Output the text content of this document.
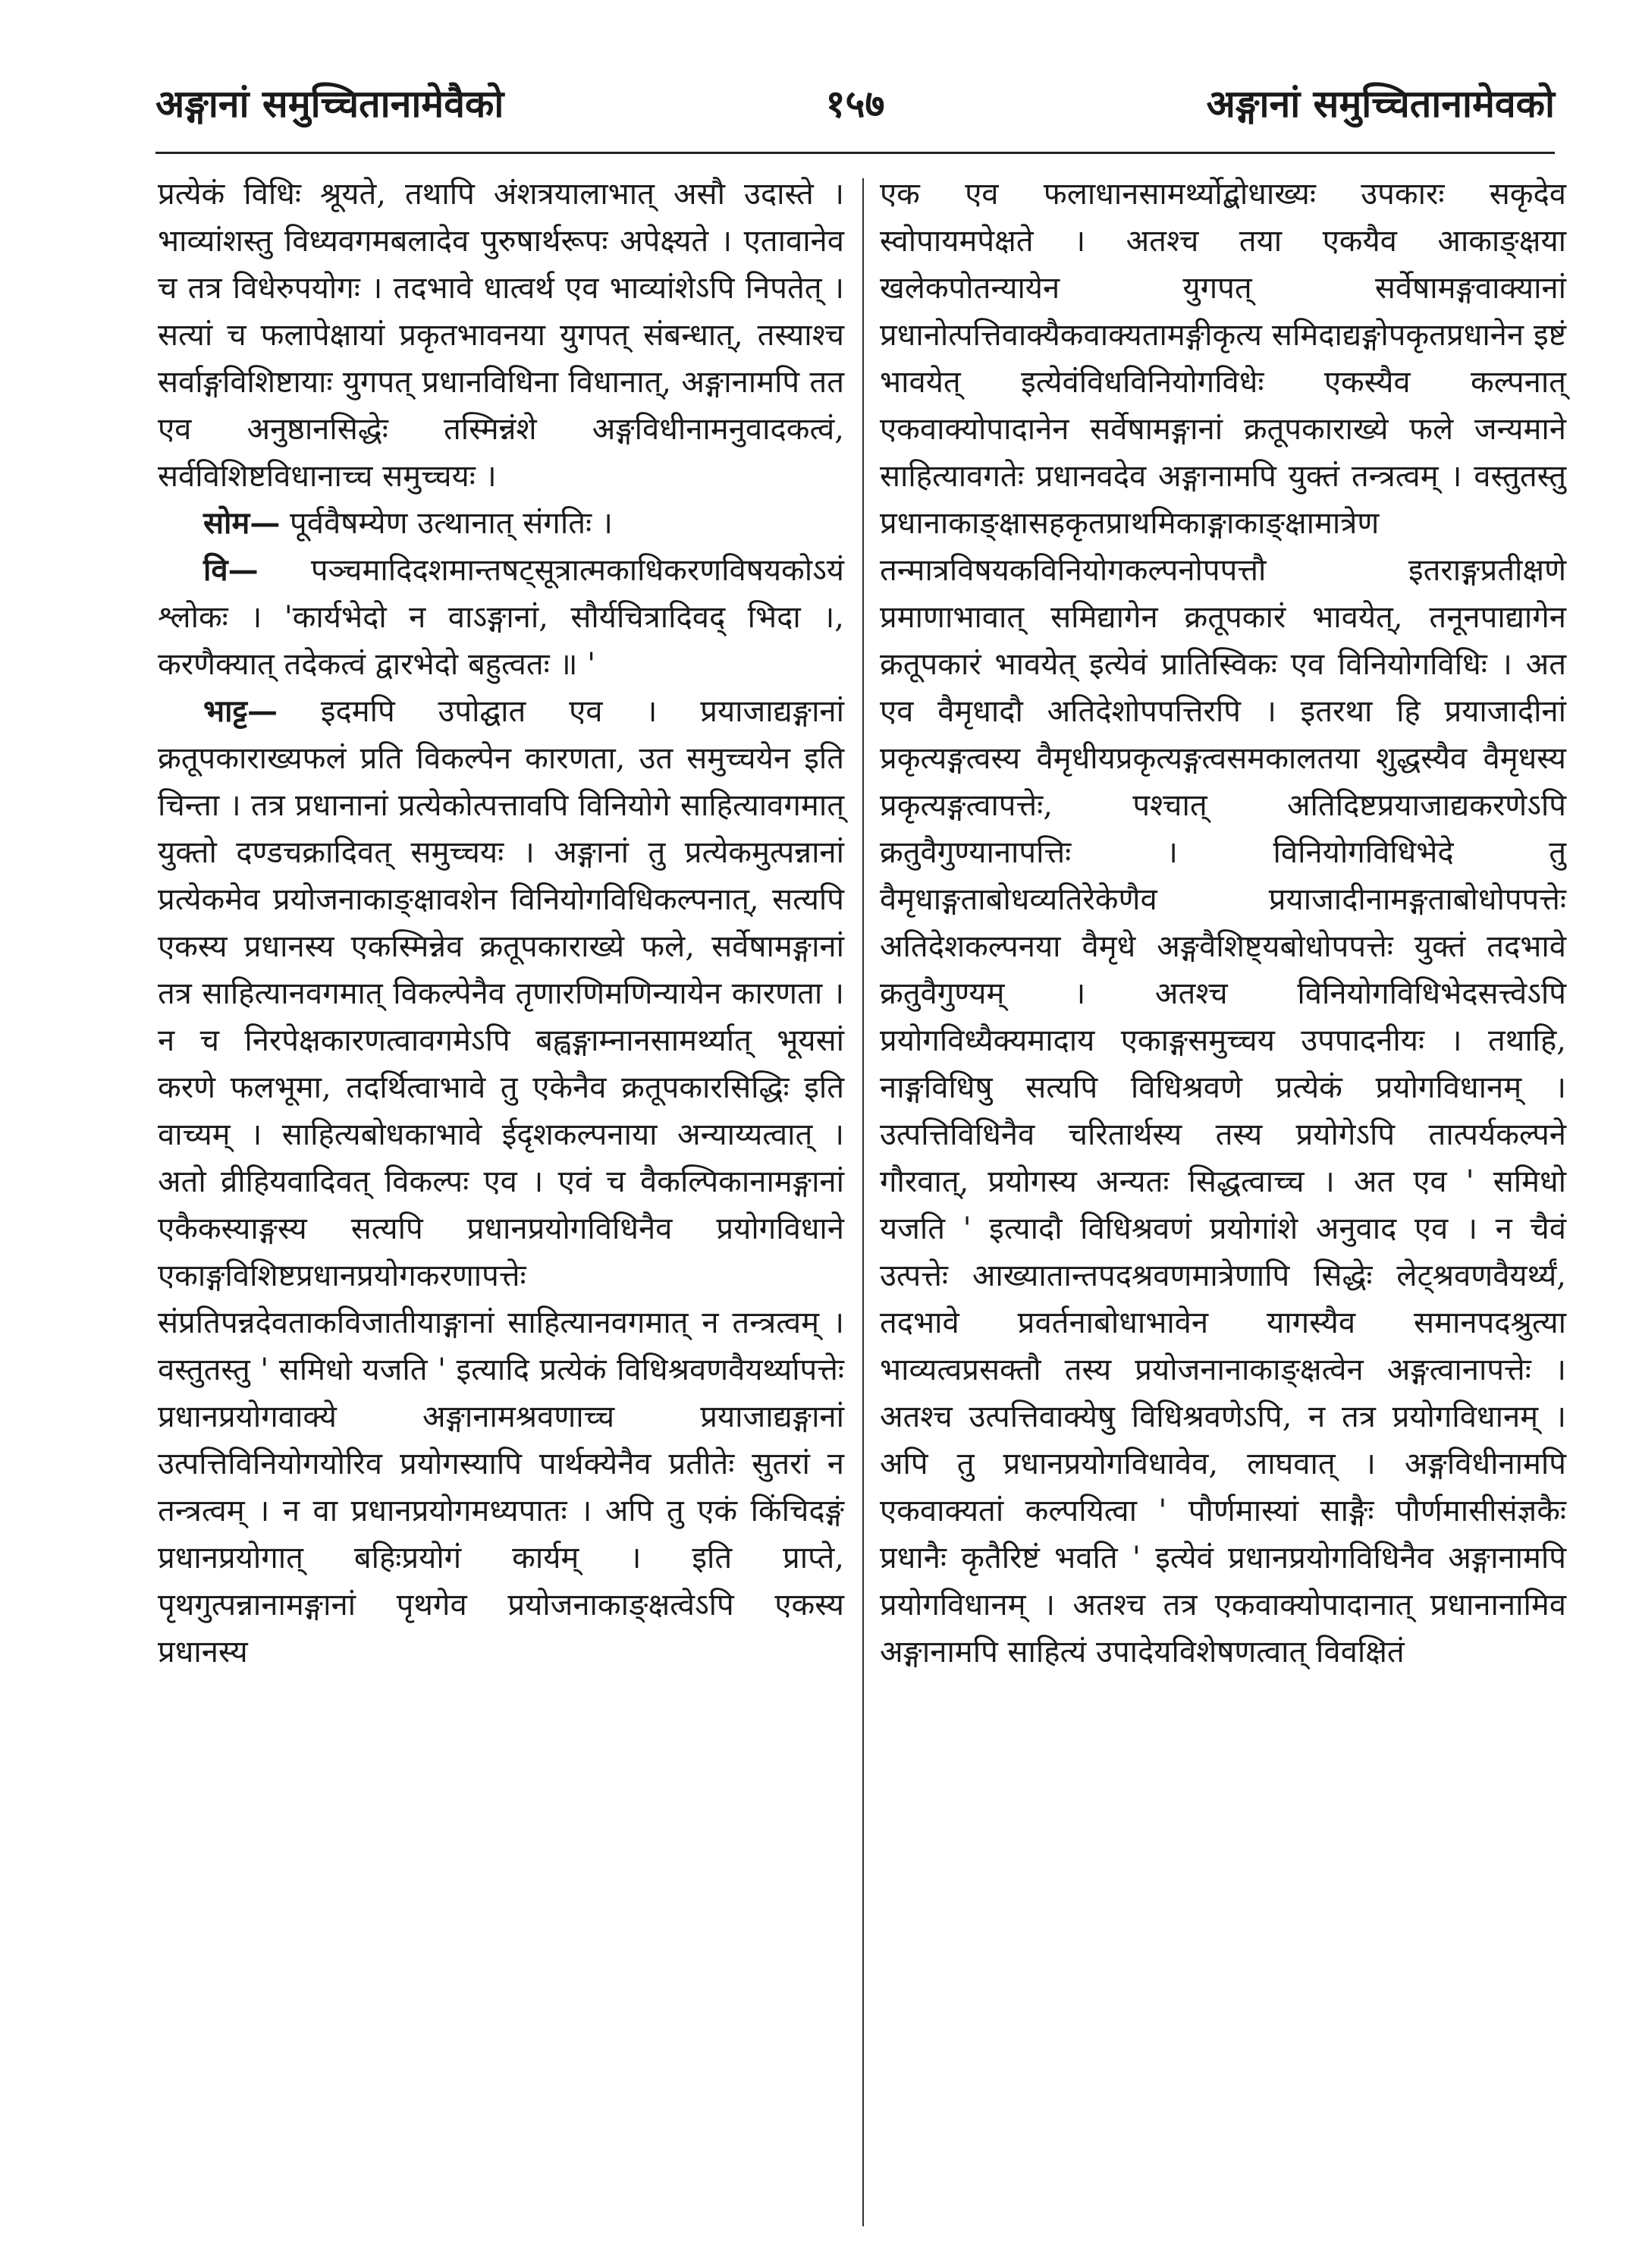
अङ्गानां समुच्चितानामेवैको	१५७	अङ्गानां समुच्चितानामेवको

प्रत्येकं विधिः श्रूयते, तथापि अंशत्रयालाभात् असौ उदास्ते । भाव्यांशस्तु विध्यवगमबलादेव पुरुषार्थरूपः अपेक्ष्यते । एतावानेव च तत्र विधेरुपयोगः । तदभावे धात्वर्थ एव भाव्यांशेऽपि निपतेत् । सत्यां च फलापेक्षायां प्रकृतभावनया युगपत् संबन्धात्, तस्याश्च सर्वाङ्गविशिष्टायाः युगपत् प्रधानविधिना विधानात्, अङ्गानामपि तत एव अनुष्ठानसिद्धेः तस्मिन्नंशे अङ्गविधीनामनुवादकत्वं, सर्वविशिष्टविधानाच्च समुच्चयः ।

सोम— पूर्ववैषम्येण उत्थानात् संगतिः ।

वि— पञ्चमादिदशमान्तषट्सूत्रात्मकाधिकरणविषयकोऽयं श्लोकः । 'कार्यभेदो न वाऽङ्गानां, सौर्यचित्रादिवद् भिदा ।, करणैक्यात् तदेकत्वं द्वारभेदो बहुत्वतः ॥ '

भाट्ट— इदमपि उपोद्घात एव । प्रयाजाद्यङ्गानां क्रतूपकाराख्यफलं प्रति विकल्पेन कारणता, उत समुच्चयेन इति चिन्ता । तत्र प्रधानानां प्रत्येकोत्पत्तावपि विनियोगे साहित्यावगमात् युक्तो दण्डचक्रादिवत् समुच्चयः । अङ्गानां तु प्रत्येकमुत्पन्नानां प्रत्येकमेव प्रयोजनाकाङ्क्षावशेन विनियोगविधिकल्पनात्, सत्यपि एकस्य प्रधानस्य एकस्मिन्नेव क्रतूपकाराख्ये फले, सर्वेषामङ्गानां तत्र साहित्यानवगमात् विकल्पेनैव तृणारणिमणिन्यायेन कारणता । न च निरपेक्षकारणत्वावगमेऽपि बह्वङ्गाम्नानसामर्थ्यात् भूयसां करणे फलभूमा, तदर्थित्वाभावे तु एकेनैव क्रतूपकारसिद्धिः इति वाच्यम् । साहित्यबोधकाभावे ईदृशकल्पनाया अन्याय्यत्वात् । अतो व्रीहियवादिवत् विकल्पः एव । एवं च वैकल्पिकानामङ्गानां एकैकस्याङ्गस्य सत्यपि प्रधानप्रयोगविधिनैव प्रयोगविधाने एकाङ्गविशिष्टप्रधानप्रयोगकरणापत्तेः संप्रतिपन्नदेवताकविजातीयाङ्गानां साहित्यानवगमात् न तन्त्रत्वम् । वस्तुतस्तु ' समिधो यजति ' इत्यादि प्रत्येकं विधिश्रवणवैयर्थ्यापत्तेः प्रधानप्रयोगवाक्ये अङ्गानामश्रवणाच्च प्रयाजाद्यङ्गानां उत्पत्तिविनियोगयोरिव प्रयोगस्यापि पार्थक्येनैव प्रतीतेः सुतरां न तन्त्रत्वम् । न वा प्रधानप्रयोगमध्यपातः । अपि तु एकं किंचिदङ्गं प्रधानप्रयोगात् बहिःप्रयोगं कार्यम् । इति प्राप्ते, पृथगुत्पन्नानामङ्गानां पृथगेव प्रयोजनाकाङ्क्षत्वेऽपि एकस्य प्रधानस्य

एक एव फलाधानसामर्थ्योद्बोधाख्यः उपकारः सकृदेव स्वोपायमपेक्षते । अतश्च तया एकयैव आकाङ्क्षया खलेकपोतन्यायेन युगपत् सर्वेषामङ्गवाक्यानां प्रधानोत्पत्तिवाक्यैकवाक्यतामङ्गीकृत्य समिदाद्यङ्गोपकृतप्रधानेन इष्टं भावयेत् इत्येवंविधविनियोगविधेः एकस्यैव कल्पनात् एकवाक्योपादानेन सर्वेषामङ्गानां क्रतूपकाराख्ये फले जन्यमाने साहित्यावगतेः प्रधानवदेव अङ्गानामपि युक्तं तन्त्रत्वम् । वस्तुतस्तु प्रधानाकाङ्क्षासहकृतप्राथमिकाङ्गाकाङ्क्षामात्रेण तन्मात्रविषयकविनियोगकल्पनोपपत्तौ इतराङ्गप्रतीक्षणे प्रमाणाभावात् समिद्यागेन क्रतूपकारं भावयेत्, तनूनपाद्यागेन क्रतूपकारं भावयेत् इत्येवं प्रातिस्विकः एव विनियोगविधिः । अत एव वैमृधादौ अतिदेशोपपत्तिरपि । इतरथा हि प्रयाजादीनां प्रकृत्यङ्गत्वस्य वैमृधीयप्रकृत्यङ्गत्वसमकालतया शुद्धस्यैव वैमृधस्य प्रकृत्यङ्गत्वापत्तेः, पश्चात् अतिदिष्टप्रयाजाद्यकरणेऽपि क्रतुवैगुण्यानापत्तिः । विनियोगविधिभेदे तु वैमृधाङ्गताबोधव्यतिरेकेणैव प्रयाजादीनामङ्गताबोधोपपत्तेः अतिदेशकल्पनया वैमृधे अङ्गवैशिष्ट्यबोधोपपत्तेः युक्तं तदभावे क्रतुवैगुण्यम् । अतश्च विनियोगविधिभेदसत्त्वेऽपि प्रयोगविध्यैक्यमादाय एकाङ्गसमुच्चय उपपादनीयः । तथाहि, नाङ्गविधिषु सत्यपि विधिश्रवणे प्रत्येकं प्रयोगविधानम् । उत्पत्तिविधिनैव चरितार्थस्य तस्य प्रयोगेऽपि तात्पर्यकल्पने गौरवात्, प्रयोगस्य अन्यतः सिद्धत्वाच्च । अत एव ' समिधो यजति ' इत्यादौ विधिश्रवणं प्रयोगांशे अनुवाद एव । न चैवं उत्पत्तेः आख्यातान्तपदश्रवणमात्रेणापि सिद्धेः लेट्श्रवणवैयर्थ्यं, तदभावे प्रवर्तनाबोधाभावेन यागस्यैव समानपदश्रुत्या भाव्यत्वप्रसक्तौ तस्य प्रयोजनानाकाङ्क्षत्वेन अङ्गत्वानापत्तेः । अतश्च उत्पत्तिवाक्येषु विधिश्रवणेऽपि, न तत्र प्रयोगविधानम् । अपि तु प्रधानप्रयोगविधावेव, लाघवात् । अङ्गविधीनामपि एकवाक्यतां कल्पयित्वा ' पौर्णमास्यां साङ्गैः पौर्णमासीसंज्ञकैः प्रधानैः कृतैरिष्टं भवति ' इत्येवं प्रधानप्रयोगविधिनैव अङ्गानामपि प्रयोगविधानम् । अतश्च तत्र एकवाक्योपादानात् प्रधानानामिव अङ्गानामपि साहित्यं उपादेयविशेषणत्वात् विवक्षितं
